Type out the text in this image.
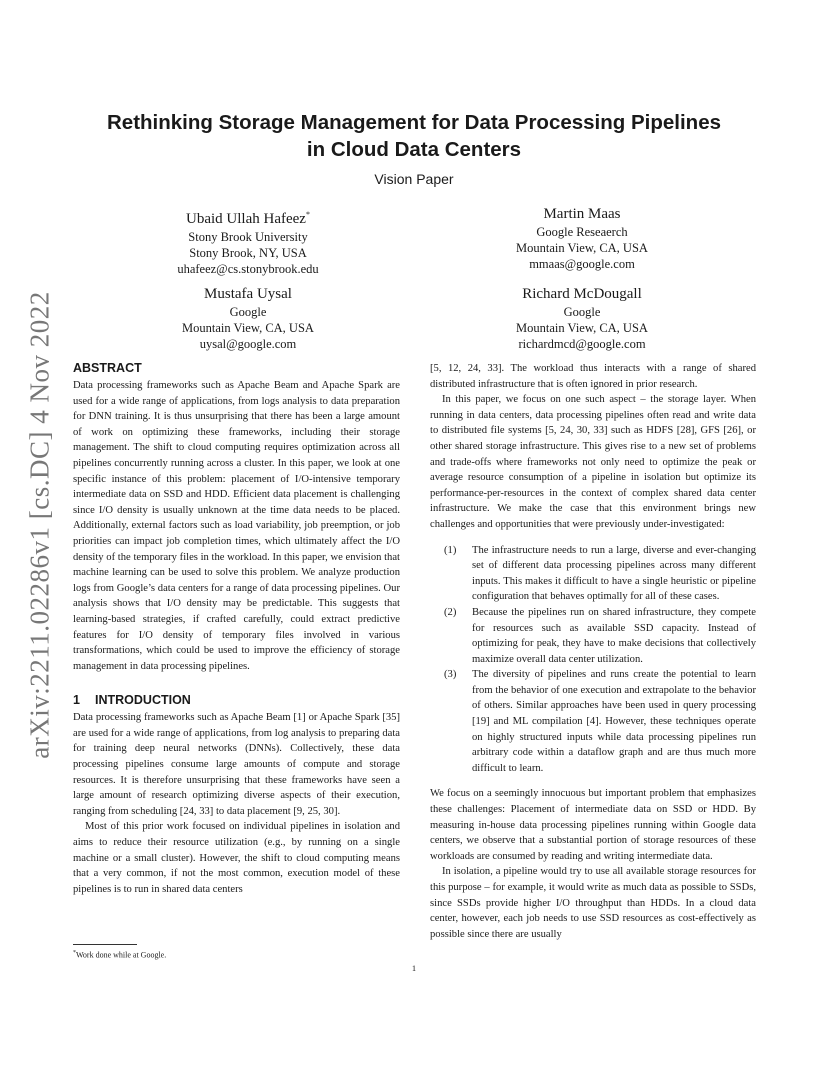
arXiv:2211.02286v1 [cs.DC] 4 Nov 2022
Rethinking Storage Management for Data Processing Pipelines
in Cloud Data Centers
Vision Paper
Ubaid Ullah Hafeez*
Stony Brook University
Stony Brook, NY, USA
uhafeez@cs.stonybrook.edu
Martin Maas
Google Reseaerch
Mountain View, CA, USA
mmaas@google.com
Mustafa Uysal
Google
Mountain View, CA, USA
uysal@google.com
Richard McDougall
Google
Mountain View, CA, USA
richardmcd@google.com
ABSTRACT

Data processing frameworks such as Apache Beam and Apache Spark are used for a wide range of applications, from logs analysis to data preparation for DNN training. It is thus unsurprising that there has been a large amount of work on optimizing these frameworks, including their storage management. The shift to cloud computing requires optimization across all pipelines concurrently running across a cluster. In this paper, we look at one specific instance of this problem: placement of I/O-intensive temporary intermediate data on SSD and HDD. Efficient data placement is challenging since I/O density is usually unknown at the time data needs to be placed. Additionally, external factors such as load variability, job preemption, or job priorities can impact job completion times, which ultimately affect the I/O density of the temporary files in the workload. In this paper, we envision that machine learning can be used to solve this problem. We analyze production logs from Google’s data centers for a range of data processing pipelines. Our analysis shows that I/O density may be predictable. This suggests that learning-based strategies, if crafted carefully, could extract predictive features for I/O density of temporary files involved in various transformations, which could be used to improve the efficiency of storage management in data processing pipelines.

1 INTRODUCTION

Data processing frameworks such as Apache Beam [1] or Apache Spark [35] are used for a wide range of applications, from log analysis to preparing data for training deep neural networks (DNNs). Collectively, these data processing pipelines consume large amounts of compute and storage resources. It is therefore unsurprising that these frameworks have seen a large amount of research optimizing diverse aspects of their execution, ranging from scheduling [24, 33] to data placement [9, 25, 30].

Most of this prior work focused on individual pipelines in isolation and aims to reduce their resource utilization (e.g., by running on a single machine or a small cluster). However, the shift to cloud computing means that a very common, if not the most common, execution model of these pipelines is to run in shared data centers

[5, 12, 24, 33]. The workload thus interacts with a range of shared distributed infrastructure that is often ignored in prior research.

In this paper, we focus on one such aspect – the storage layer. When running in data centers, data processing pipelines often read and write data to distributed file systems [5, 24, 30, 33] such as HDFS [28], GFS [26], or other shared storage infrastructure. This gives rise to a new set of problems and trade-offs where frameworks not only need to optimize the peak or average resource consumption of a pipeline in isolation but optimize its performance-per-resources in the context of complex shared data center infrastructure. We make the case that this environment brings new challenges and opportunities that were previously under-investigated:

(1) The infrastructure needs to run a large, diverse and ever-changing set of different data processing pipelines across many different inputs. This makes it difficult to have a single heuristic or pipeline configuration that behaves optimally for all of these cases.
(2) Because the pipelines run on shared infrastructure, they compete for resources such as available SSD capacity. Instead of optimizing for peak, they have to make decisions that collectively maximize overall data center utilization.
(3) The diversity of pipelines and runs create the potential to learn from the behavior of one execution and extrapolate to the behavior of others. Similar approaches have been used in query processing [19] and ML compilation [4]. However, these techniques operate on highly structured inputs while data processing pipelines run arbitrary code within a dataflow graph and are thus much more difficult to learn.

We focus on a seemingly innocuous but important problem that emphasizes these challenges: Placement of intermediate data on SSD or HDD. By measuring in-house data processing pipelines running within Google data centers, we observe that a substantial portion of storage resources of these workloads are consumed by reading and writing intermediate data.

In isolation, a pipeline would try to use all available storage resources for this purpose – for example, it would write as much data as possible to SSDs, since SSDs provide higher I/O throughput than HDDs. In a cloud data center, however, each job needs to use SSD resources as cost-effectively as possible since there are usually

*Work done while at Google.
1
